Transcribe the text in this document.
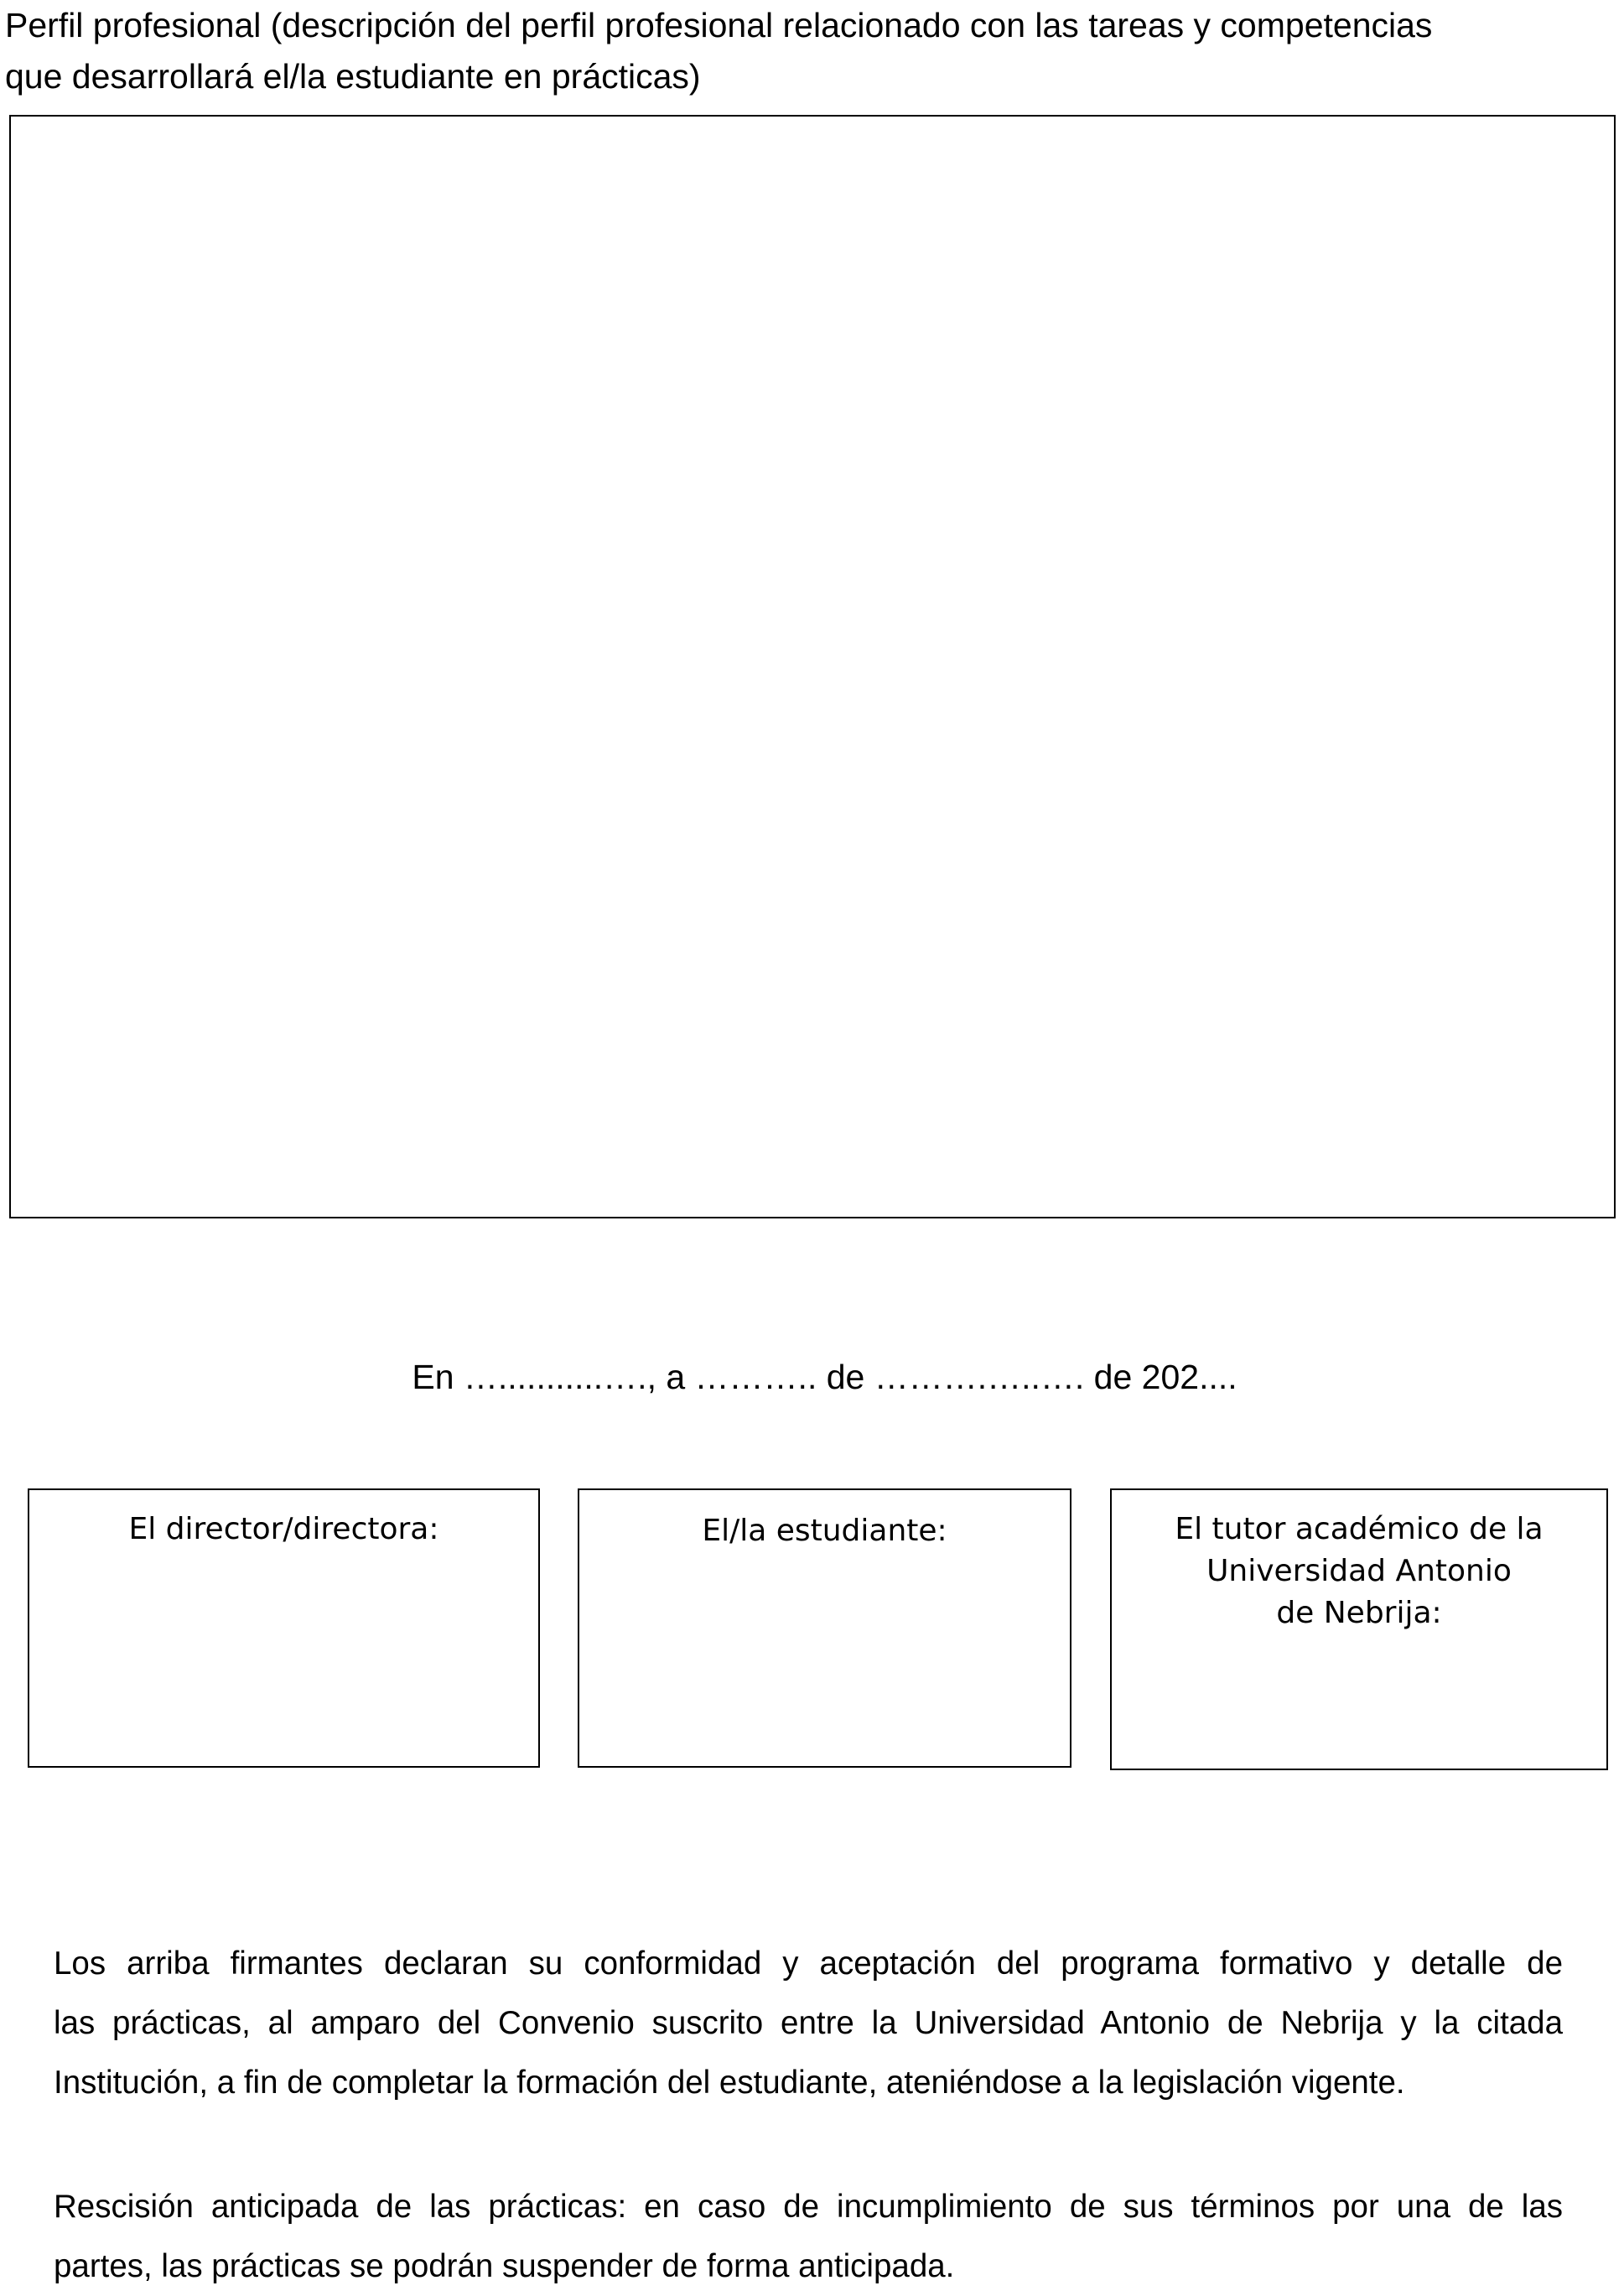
Perfil profesional (descripción del perfil profesional relacionado con las tareas y competencias
que desarrollará el/la estudiante en prácticas)

En …...........…., a ……….. de ……….…..…. de 202....
El director/directora:	El/la estudiante:	El tutor académico de la
Universidad Antonio
de Nebrija:

Los arriba firmantes declaran su conformidad y aceptación del programa formativo y detalle de
las prácticas, al amparo del Convenio suscrito entre la Universidad Antonio de Nebrija y la citada
Institución, a fin de completar la formación del estudiante, ateniéndose a la legislación vigente.

Rescisión anticipada de las prácticas: en caso de incumplimiento de sus términos por una de las
partes, las prácticas se podrán suspender de forma anticipada.
